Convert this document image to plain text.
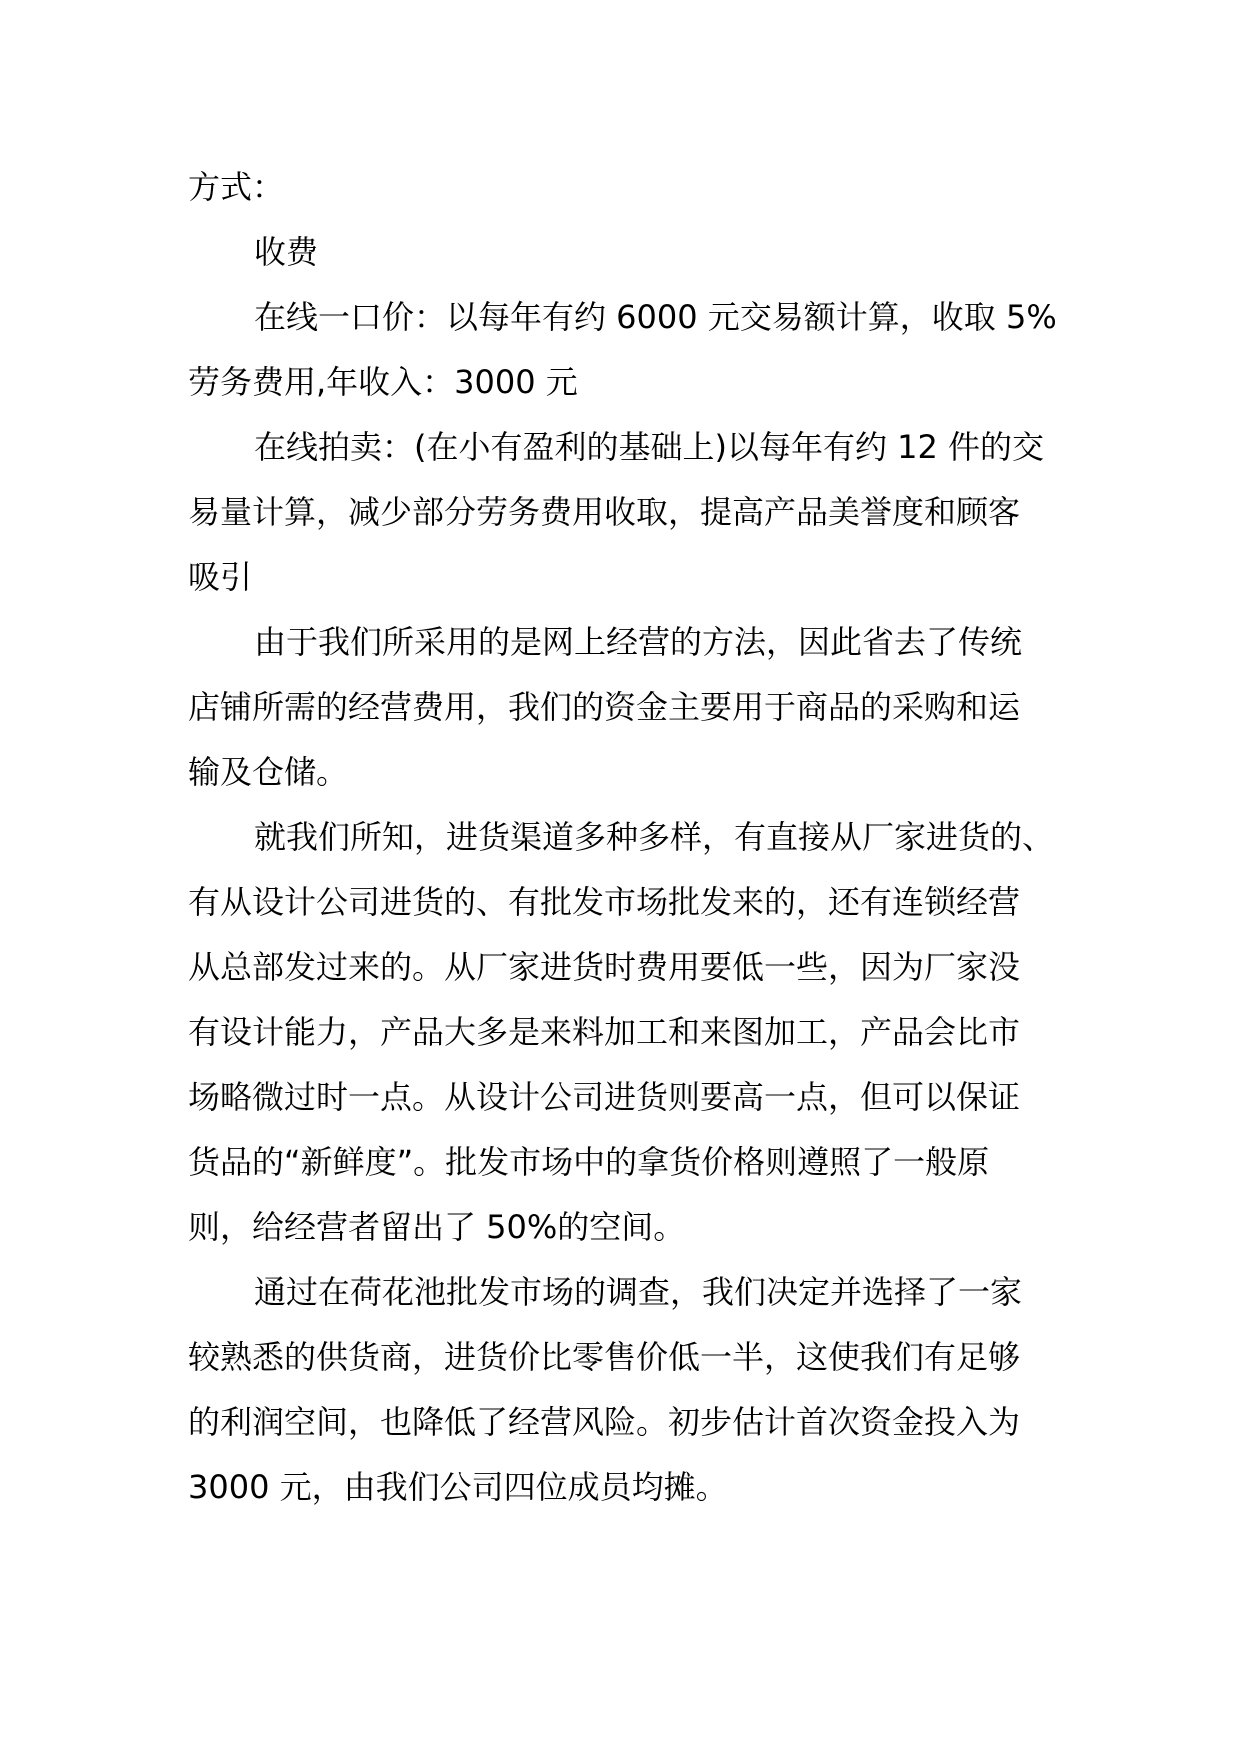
方式：
收费
在线一口价：以每年有约 6000 元交易额计算，收取 5%
劳务费用,年收入：3000 元
在线拍卖：(在小有盈利的基础上)以每年有约 12 件的交
易量计算，减少部分劳务费用收取，提高产品美誉度和顾客
吸引
由于我们所采用的是网上经营的方法，因此省去了传统
店铺所需的经营费用，我们的资金主要用于商品的采购和运
输及仓储。
就我们所知，进货渠道多种多样，有直接从厂家进货的、
有从设计公司进货的、有批发市场批发来的，还有连锁经营
从总部发过来的。从厂家进货时费用要低一些，因为厂家没
有设计能力，产品大多是来料加工和来图加工，产品会比市
场略微过时一点。从设计公司进货则要高一点，但可以保证
货品的“新鲜度”。批发市场中的拿货价格则遵照了一般原
则，给经营者留出了 50%的空间。
通过在荷花池批发市场的调查，我们决定并选择了一家
较熟悉的供货商，进货价比零售价低一半，这使我们有足够
的利润空间，也降低了经营风险。初步估计首次资金投入为
3000 元，由我们公司四位成员均摊。
